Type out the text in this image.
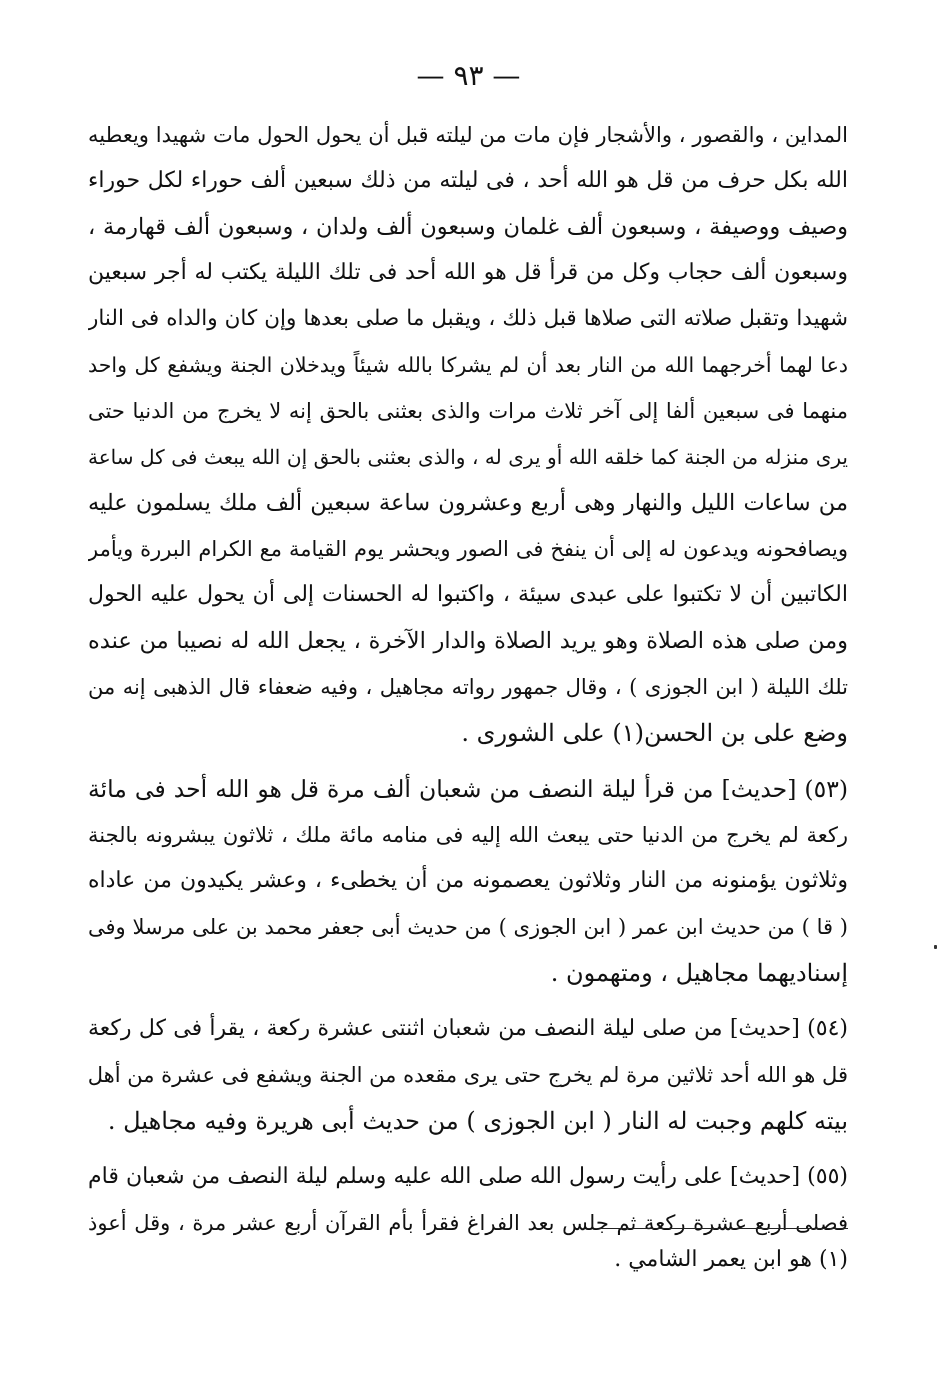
— ٩٣ —
المداين ، والقصور ، والأشجار فإن مات من ليلته قبل أن يحول الحول مات شهيدا ويعطيه
الله بكل حرف من قل هو الله أحد ، فى ليلته من ذلك سبعين ألف حوراء لكل حوراء
وصيف ووصيفة ، وسبعون ألف غلمان وسبعون ألف ولدان ، وسبعون ألف قهارمة ،
وسبعون ألف حجاب وكل من قرأ قل هو الله أحد فى تلك الليلة يكتب له أجر سبعين
شهيدا وتقبل صلاته التى صلاها قبل ذلك ، ويقبل ما صلى بعدها وإن كان والداه فى النار
دعا لهما أخرجهما الله من النار بعد أن لم يشركا بالله شيئاً ويدخلان الجنة ويشفع كل واحد
منهما فى سبعين ألفا إلى آخر ثلاث مرات والذى بعثنى بالحق إنه لا يخرج من الدنيا حتى
يرى منزله من الجنة كما خلقه الله أو يرى له ، والذى بعثنى بالحق إن الله يبعث فى كل ساعة
من ساعات الليل والنهار وهى أربع وعشرون ساعة سبعين ألف ملك يسلمون عليه
ويصافحونه ويدعون له إلى أن ينفخ فى الصور ويحشر يوم القيامة مع الكرام البررة ويأمر
الكاتبين أن لا تكتبوا على عبدى سيئة ، واكتبوا له الحسنات إلى أن يحول عليه الحول
ومن صلى هذه الصلاة وهو يريد الصلاة والدار الآخرة ، يجعل الله له نصيبا من عنده
تلك الليلة ( ابن الجوزى ) ، وقال جمهور رواته مجاهيل ، وفيه ضعفاء قال الذهبى إنه من
وضع على بن الحسن(١) على الشورى .
(٥٣) [حديث] من قرأ ليلة النصف من شعبان ألف مرة قل هو الله أحد فى مائة
ركعة لم يخرج من الدنيا حتى يبعث الله إليه فى منامه مائة ملك ، ثلاثون يبشرونه بالجنة
وثلاثون يؤمنونه من النار وثلاثون يعصمونه من أن يخطىء ، وعشر يكيدون من عاداه
( قا ) من حديث ابن عمر ( ابن الجوزى ) من حديث أبى جعفر محمد بن على مرسلا وفى
إسناديهما مجاهيل ، ومتهمون .
(٥٤) [حديث] من صلى ليلة النصف من شعبان اثنتى عشرة ركعة ، يقرأ فى كل ركعة
قل هو الله أحد ثلاثين مرة لم يخرج حتى يرى مقعده من الجنة ويشفع فى عشرة من أهل
بيته كلهم وجبت له النار ( ابن الجوزى ) من حديث أبى هريرة وفيه مجاهيل .
(٥٥) [حديث] على رأيت رسول الله صلى الله عليه وسلم ليلة النصف من شعبان قام
فصلى أربع عشرة ركعة ثم جلس بعد الفراغ فقرأ بأم القرآن أربع عشر مرة ، وقل أعوذ
(١) هو ابن يعمر الشامي .
